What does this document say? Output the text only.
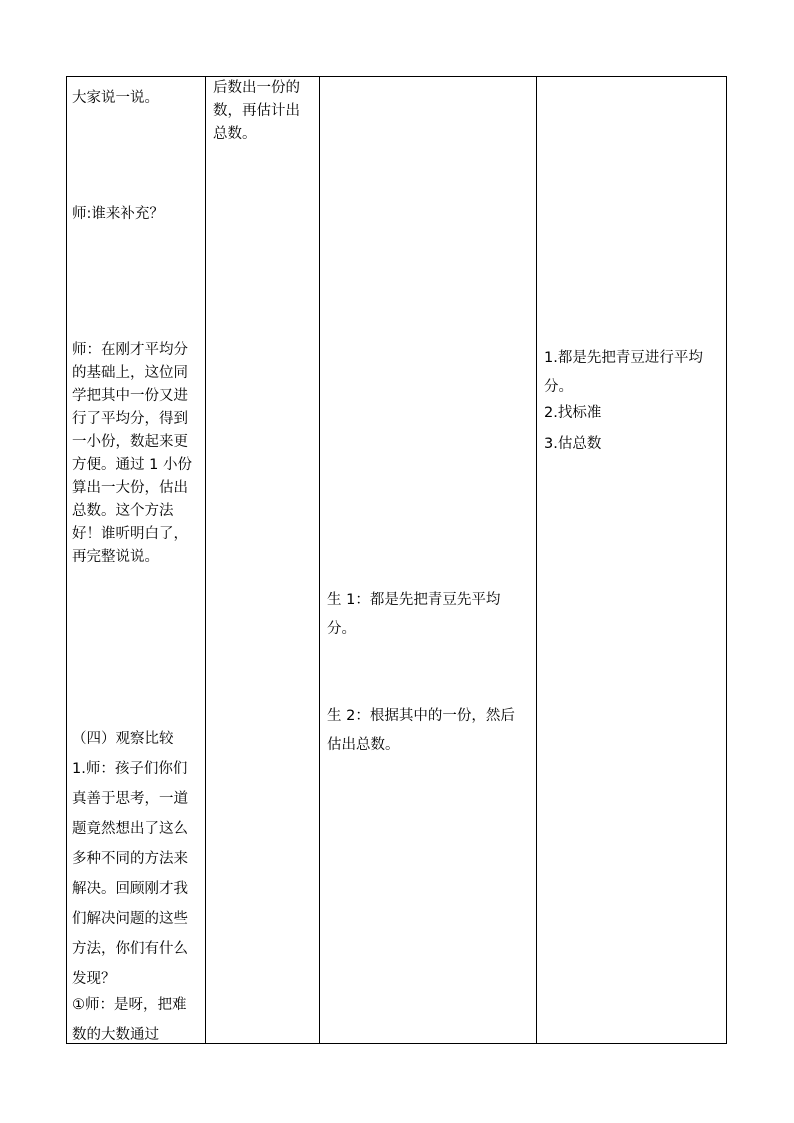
大家说一说。

师:谁来补充？

师：在刚才平均分的基础上，这位同学把其中一份又进行了平均分，得到一小份，数起来更方便。通过 1 小份算出一大份，估出总数。这个方法好！谁听明白了，再完整说说。

（四）观察比较

1.师：孩子们你们真善于思考，一道题竟然想出了这么多种不同的方法来解决。回顾刚才我们解决问题的这些方法，你们有什么发现？

①师：是呀，把难数的大数通过

后数出一份的数，再估计出总数。

生 1：都是先把青豆先平均分。

生 2：根据其中的一份，然后估出总数。

1.都是先把青豆进行平均分。

2.找标准

3.估总数
